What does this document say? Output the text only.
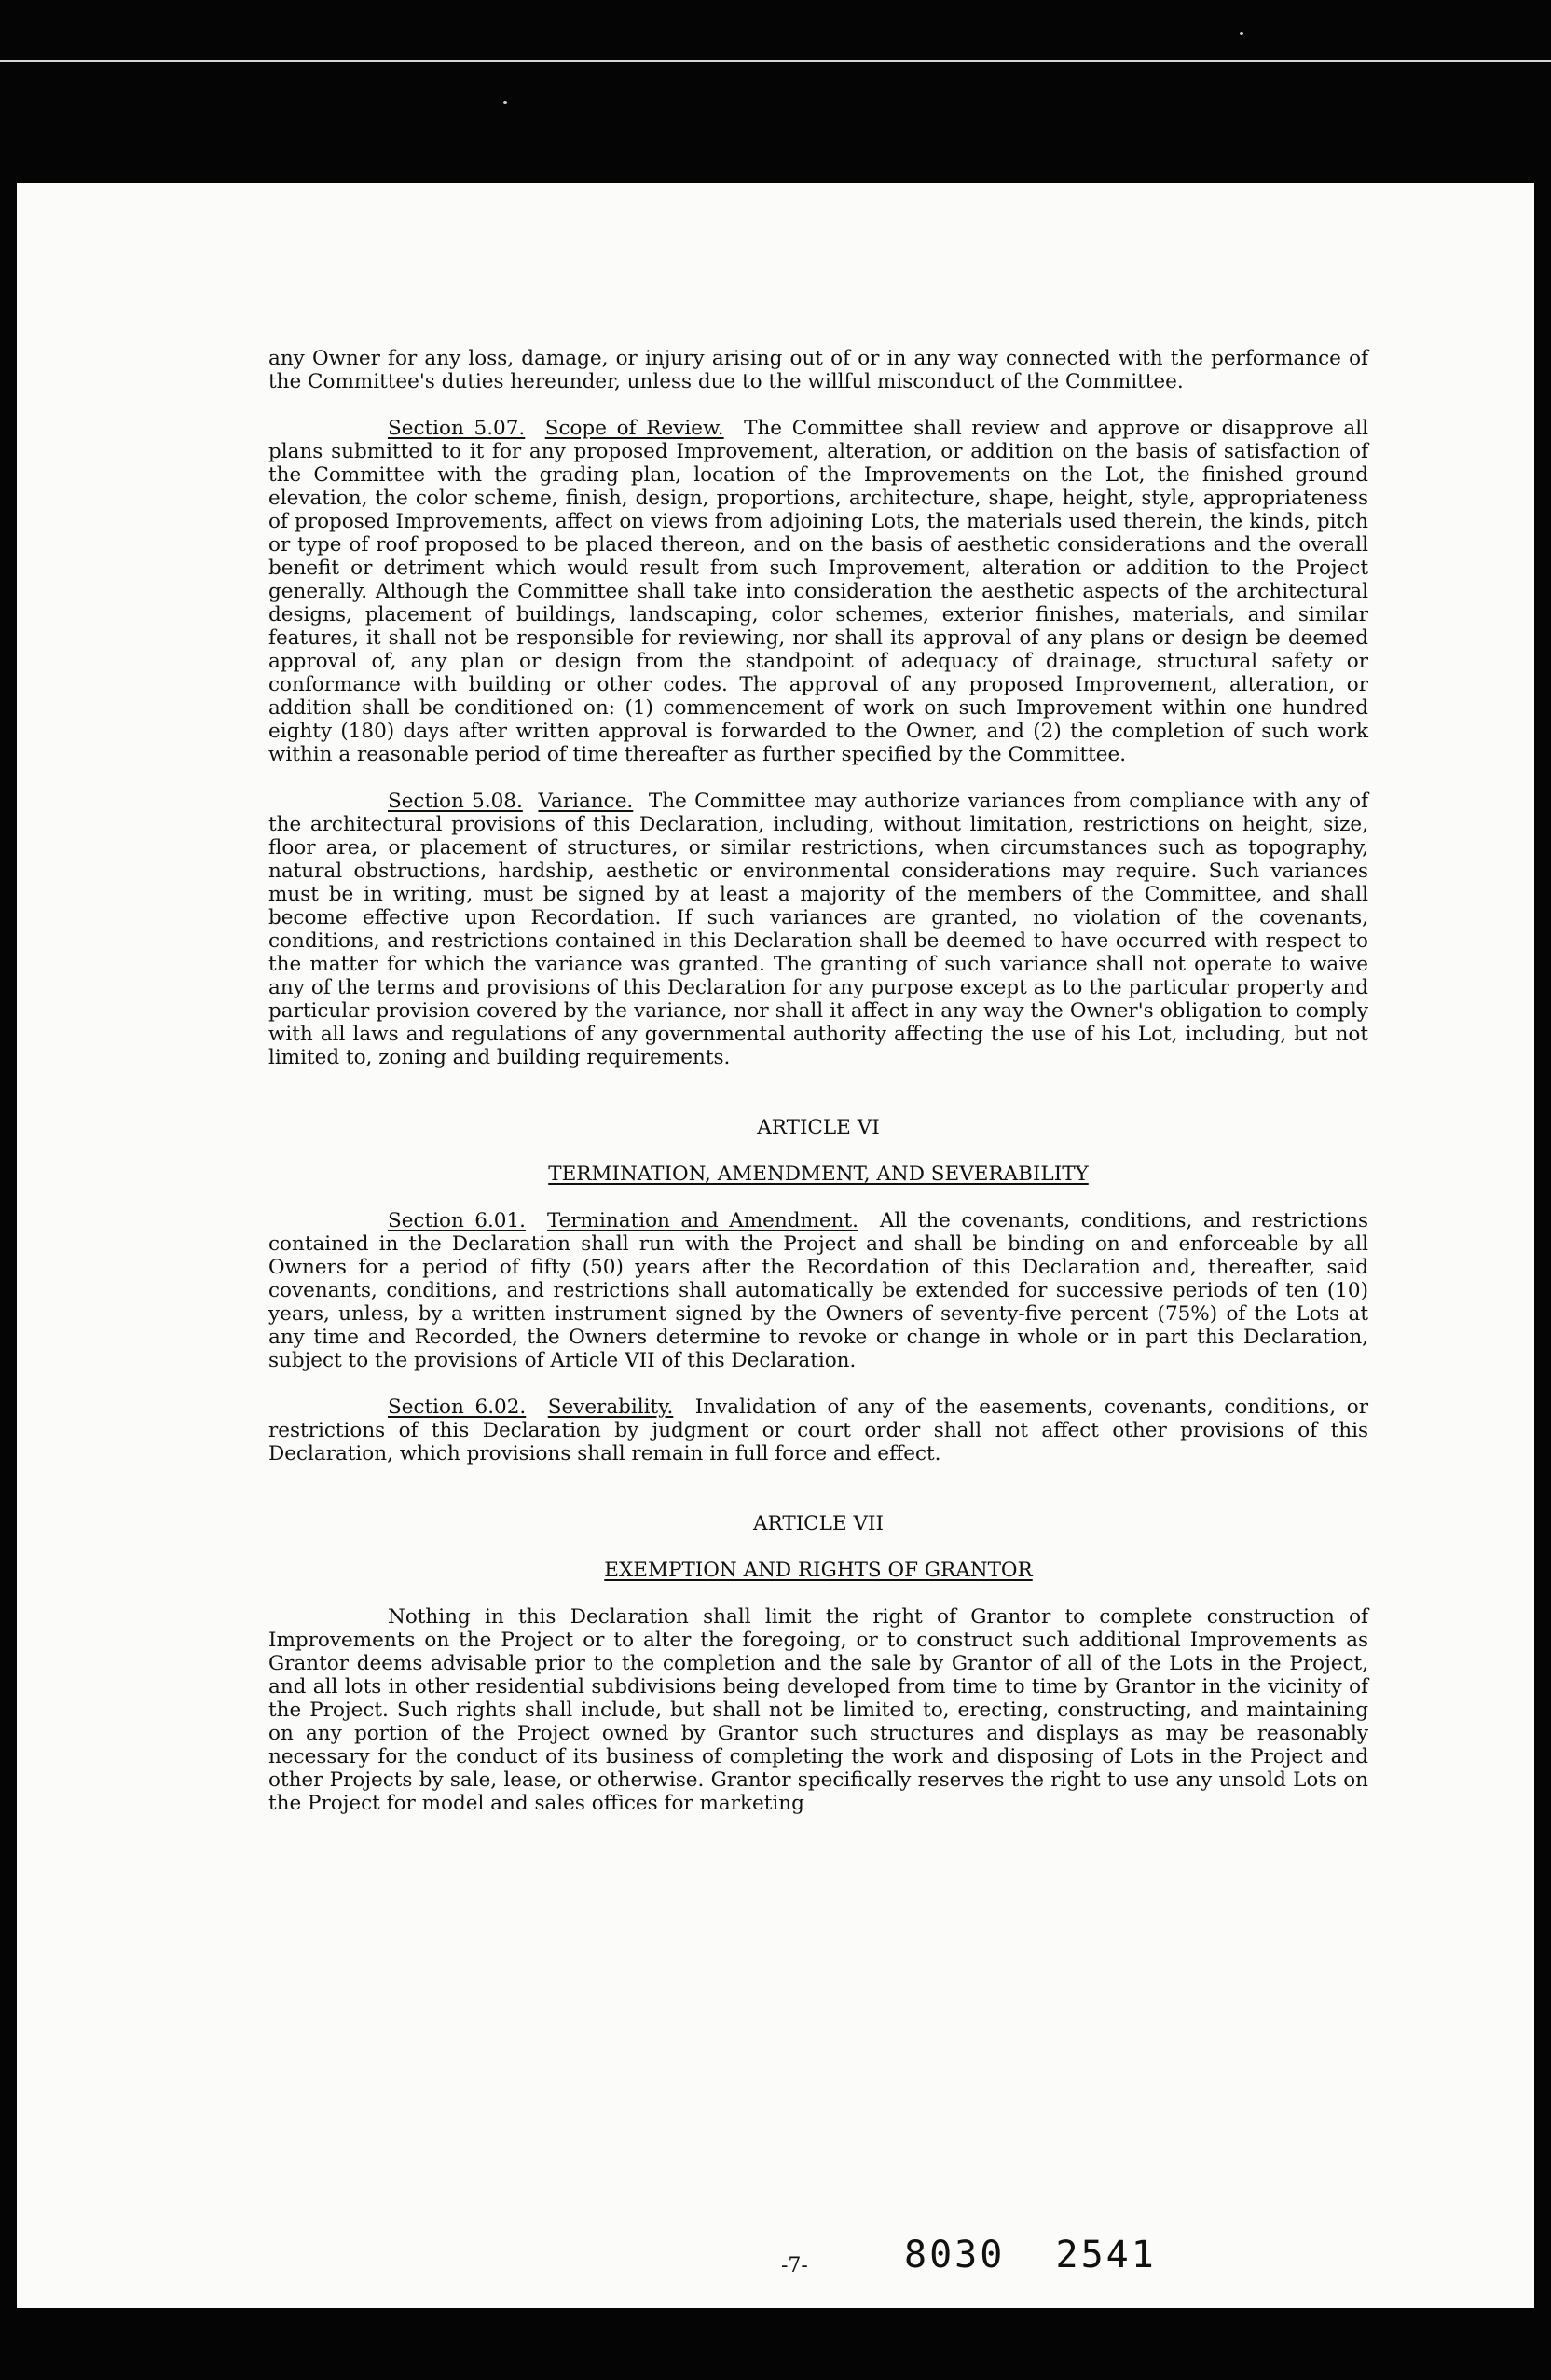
any Owner for any loss, damage, or injury arising out of or in any way connected with the performance of the Committee's duties hereunder, unless due to the willful misconduct of the Committee.

Section 5.07. Scope of Review. The Committee shall review and approve or disapprove all plans submitted to it for any proposed Improvement, alteration, or addition on the basis of satisfaction of the Committee with the grading plan, location of the Improvements on the Lot, the finished ground elevation, the color scheme, finish, design, proportions, architecture, shape, height, style, appropriateness of proposed Improvements, affect on views from adjoining Lots, the materials used therein, the kinds, pitch or type of roof proposed to be placed thereon, and on the basis of aesthetic considerations and the overall benefit or detriment which would result from such Improvement, alteration or addition to the Project generally. Although the Committee shall take into consideration the aesthetic aspects of the architectural designs, placement of buildings, landscaping, color schemes, exterior finishes, materials, and similar features, it shall not be responsible for reviewing, nor shall its approval of any plans or design be deemed approval of, any plan or design from the standpoint of adequacy of drainage, structural safety or conformance with building or other codes. The approval of any proposed Improvement, alteration, or addition shall be conditioned on: (1) commencement of work on such Improvement within one hundred eighty (180) days after written approval is forwarded to the Owner, and (2) the completion of such work within a reasonable period of time thereafter as further specified by the Committee.

Section 5.08. Variance. The Committee may authorize variances from compliance with any of the architectural provisions of this Declaration, including, without limitation, restrictions on height, size, floor area, or placement of structures, or similar restrictions, when circumstances such as topography, natural obstructions, hardship, aesthetic or environmental considerations may require. Such variances must be in writing, must be signed by at least a majority of the members of the Committee, and shall become effective upon Recordation. If such variances are granted, no violation of the covenants, conditions, and restrictions contained in this Declaration shall be deemed to have occurred with respect to the matter for which the variance was granted. The granting of such variance shall not operate to waive any of the terms and provisions of this Declaration for any purpose except as to the particular property and particular provision covered by the variance, nor shall it affect in any way the Owner's obligation to comply with all laws and regulations of any governmental authority affecting the use of his Lot, including, but not limited to, zoning and building requirements.

ARTICLE VI

TERMINATION, AMENDMENT, AND SEVERABILITY

Section 6.01. Termination and Amendment. All the covenants, conditions, and restrictions contained in the Declaration shall run with the Project and shall be binding on and enforceable by all Owners for a period of fifty (50) years after the Recordation of this Declaration and, thereafter, said covenants, conditions, and restrictions shall automatically be extended for successive periods of ten (10) years, unless, by a written instrument signed by the Owners of seventy-five percent (75%) of the Lots at any time and Recorded, the Owners determine to revoke or change in whole or in part this Declaration, subject to the provisions of Article VII of this Declaration.

Section 6.02. Severability. Invalidation of any of the easements, covenants, conditions, or restrictions of this Declaration by judgment or court order shall not affect other provisions of this Declaration, which provisions shall remain in full force and effect.

ARTICLE VII

EXEMPTION AND RIGHTS OF GRANTOR

Nothing in this Declaration shall limit the right of Grantor to complete construction of Improvements on the Project or to alter the foregoing, or to construct such additional Improvements as Grantor deems advisable prior to the completion and the sale by Grantor of all of the Lots in the Project, and all lots in other residential subdivisions being developed from time to time by Grantor in the vicinity of the Project. Such rights shall include, but shall not be limited to, erecting, constructing, and maintaining on any portion of the Project owned by Grantor such structures and displays as may be reasonably necessary for the conduct of its business of completing the work and disposing of Lots in the Project and other Projects by sale, lease, or otherwise. Grantor specifically reserves the right to use any unsold Lots on the Project for model and sales offices for marketing

-7-	8030  2541
